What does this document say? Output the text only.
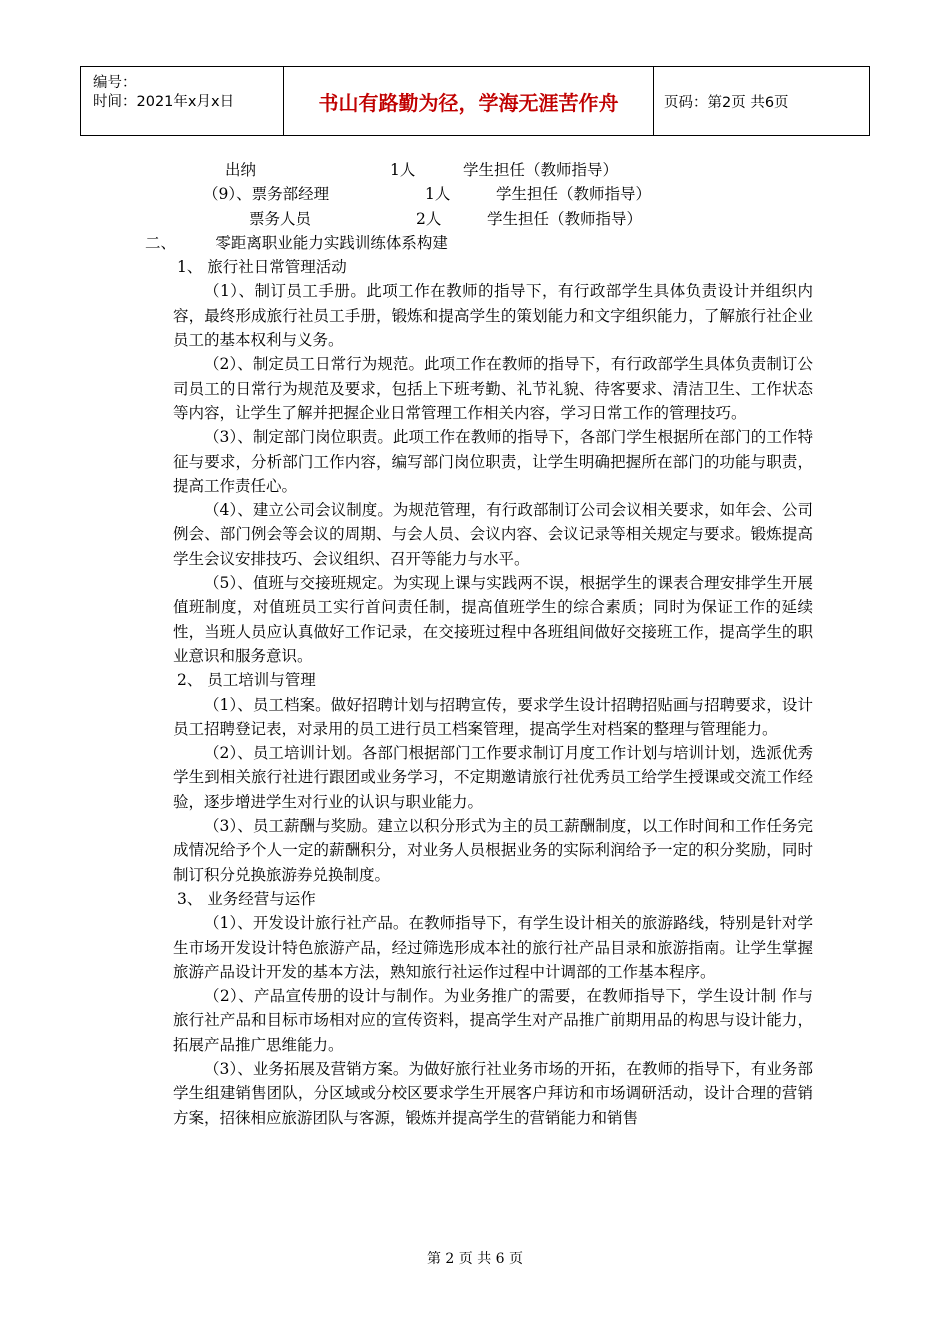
编号：
时间：2021年x月x日	书山有路勤为径，学海无涯苦作舟	页码：第2页 共6页
出纳	1人	学生担任（教师指导）
（9）、票务部经理	1人	学生担任（教师指导）
票务人员	2人	学生担任（教师指导）
二、        零距离职业能力实践训练体系构建
1、 旅行社日常管理活动

（1）、制订员工手册。此项工作在教师的指导下，有行政部学生具体负责设计并组织内容，最终形成旅行社员工手册，锻炼和提高学生的策划能力和文字组织能力，了解旅行社企业员工的基本权利与义务。

（2）、制定员工日常行为规范。此项工作在教师的指导下，有行政部学生具体负责制订公司员工的日常行为规范及要求，包括上下班考勤、礼节礼貌、待客要求、清洁卫生、工作状态等内容，让学生了解并把握企业日常管理工作相关内容，学习日常工作的管理技巧。

（3）、制定部门岗位职责。此项工作在教师的指导下，各部门学生根据所在部门的工作特征与要求，分析部门工作内容，编写部门岗位职责，让学生明确把握所在部门的功能与职责，提高工作责任心。

（4）、建立公司会议制度。为规范管理，有行政部制订公司会议相关要求，如年会、公司例会、部门例会等会议的周期、与会人员、会议内容、会议记录等相关规定与要求。锻炼提高学生会议安排技巧、会议组织、召开等能力与水平。

（5）、值班与交接班规定。为实现上课与实践两不误，根据学生的课表合理安排学生开展值班制度，对值班员工实行首问责任制，提高值班学生的综合素质；同时为保证工作的延续性，当班人员应认真做好工作记录，在交接班过程中各班组间做好交接班工作，提高学生的职业意识和服务意识。

2、 员工培训与管理

（1）、员工档案。做好招聘计划与招聘宣传，要求学生设计招聘招贴画与招聘要求，设计员工招聘登记表，对录用的员工进行员工档案管理，提高学生对档案的整理与管理能力。

（2）、员工培训计划。各部门根据部门工作要求制订月度工作计划与培训计划，选派优秀学生到相关旅行社进行跟团或业务学习，不定期邀请旅行社优秀员工给学生授课或交流工作经验，逐步增进学生对行业的认识与职业能力。

（3）、员工薪酬与奖励。建立以积分形式为主的员工薪酬制度，以工作时间和工作任务完成情况给予个人一定的薪酬积分，对业务人员根据业务的实际利润给予一定的积分奖励，同时制订积分兑换旅游券兑换制度。

3、 业务经营与运作

（1）、开发设计旅行社产品。在教师指导下，有学生设计相关的旅游路线，特别是针对学生市场开发设计特色旅游产品，经过筛选形成本社的旅行社产品目录和旅游指南。让学生掌握旅游产品设计开发的基本方法，熟知旅行社运作过程中计调部的工作基本程序。

（2）、产品宣传册的设计与制作。为业务推广的需要，在教师指导下，学生设计制 作与旅行社产品和目标市场相对应的宣传资料，提高学生对产品推广前期用品的构思与设计能力，拓展产品推广思维能力。

（3）、业务拓展及营销方案。为做好旅行社业务市场的开拓，在教师的指导下，有业务部学生组建销售团队，分区域或分校区要求学生开展客户拜访和市场调研活动，设计合理的营销方案，招徕相应旅游团队与客源，锻炼并提高学生的营销能力和销售

第 2 页 共 6 页
